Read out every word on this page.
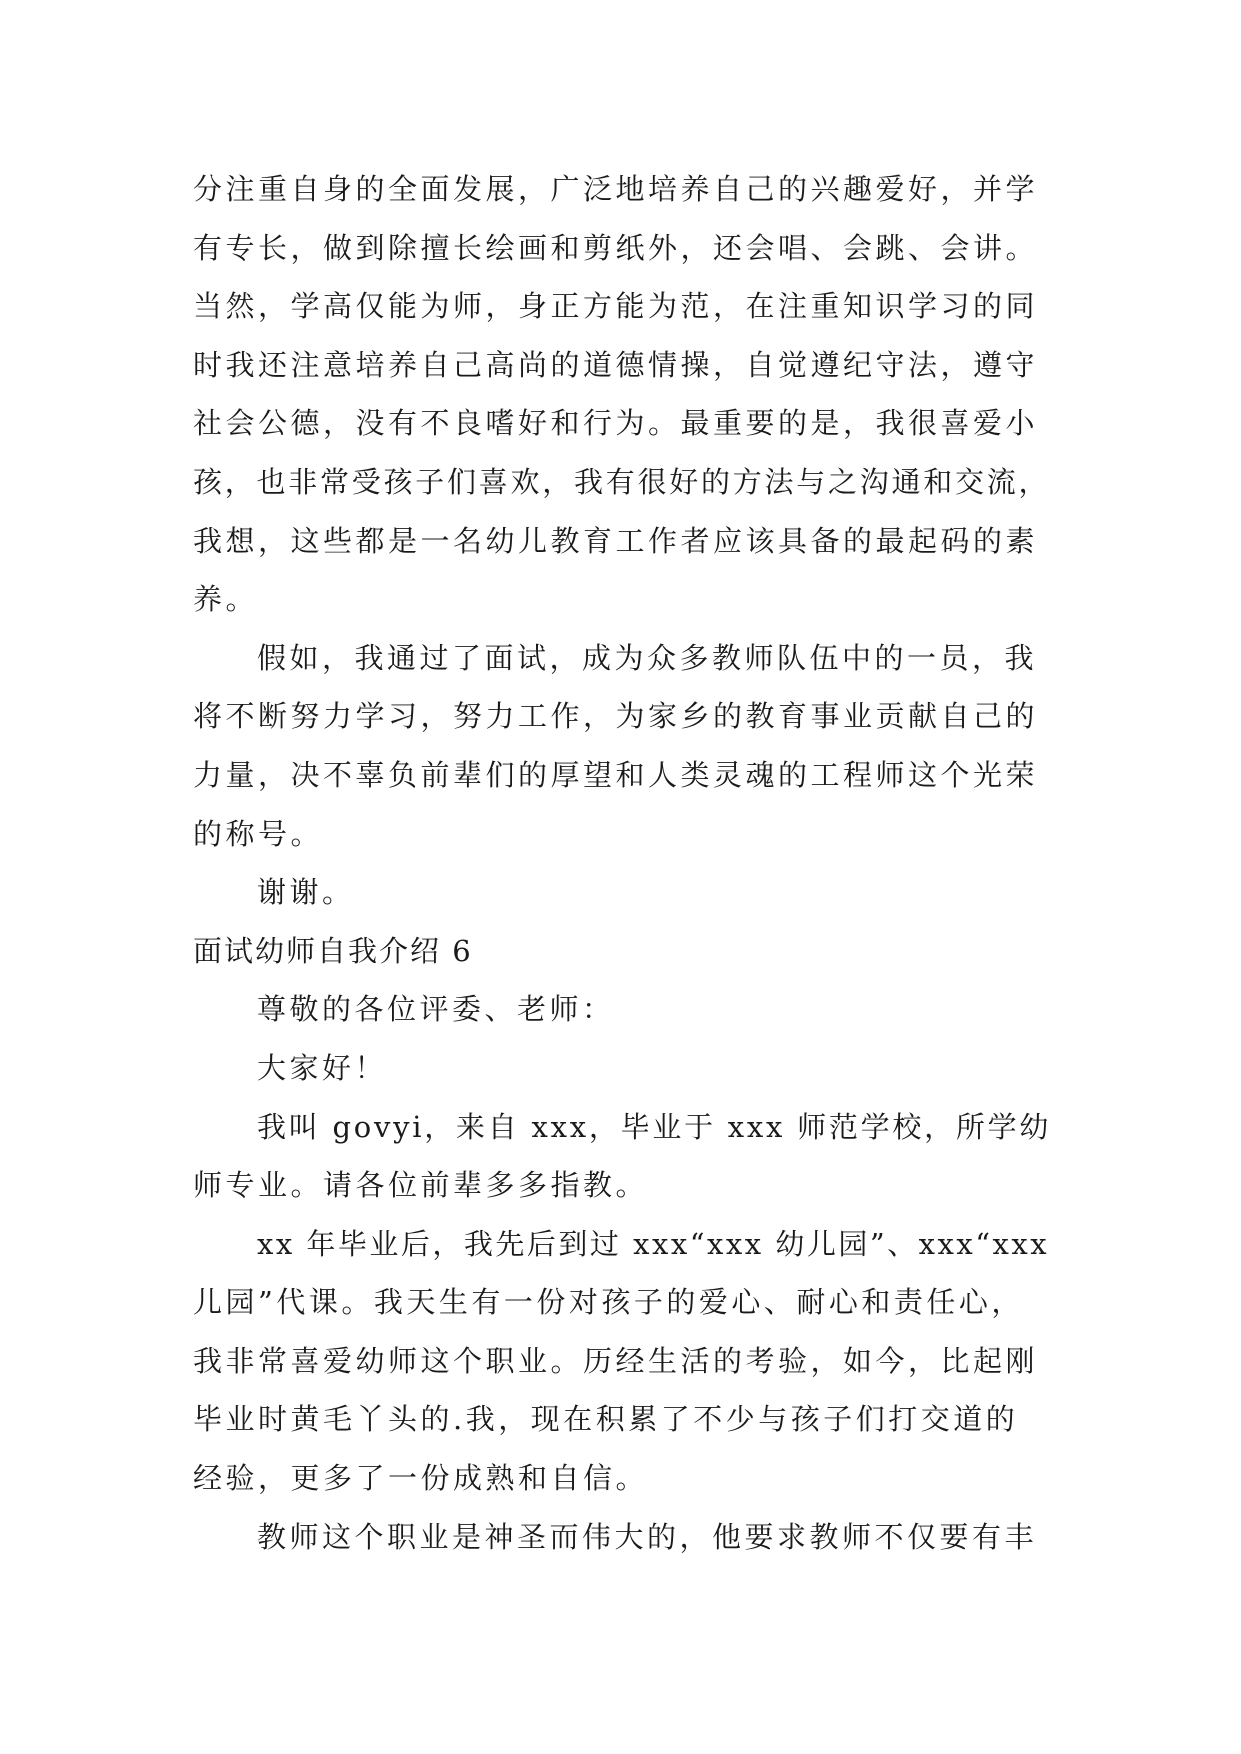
分注重自身的全面发展，广泛地培养自己的兴趣爱好，并学
有专长，做到除擅长绘画和剪纸外，还会唱、会跳、会讲。
当然，学高仅能为师，身正方能为范，在注重知识学习的同
时我还注意培养自己高尚的道德情操，自觉遵纪守法，遵守
社会公德，没有不良嗜好和行为。最重要的是，我很喜爱小
孩，也非常受孩子们喜欢，我有很好的方法与之沟通和交流，
我想，这些都是一名幼儿教育工作者应该具备的最起码的素
养。
假如，我通过了面试，成为众多教师队伍中的一员，我
将不断努力学习，努力工作，为家乡的教育事业贡献自己的
力量，决不辜负前辈们的厚望和人类灵魂的工程师这个光荣
的称号。
谢谢。
面试幼师自我介绍 6
尊敬的各位评委、老师：
大家好！
我叫 govyi，来自 xxx，毕业于 xxx 师范学校，所学幼
师专业。请各位前辈多多指教。
xx 年毕业后，我先后到过 xxx“xxx 幼儿园”、xxx“xxx
儿园”代课。我天生有一份对孩子的爱心、耐心和责任心，
我非常喜爱幼师这个职业。历经生活的考验，如今，比起刚
毕业时黄毛丫头的.我，现在积累了不少与孩子们打交道的
经验，更多了一份成熟和自信。
教师这个职业是神圣而伟大的，他要求教师不仅要有丰
